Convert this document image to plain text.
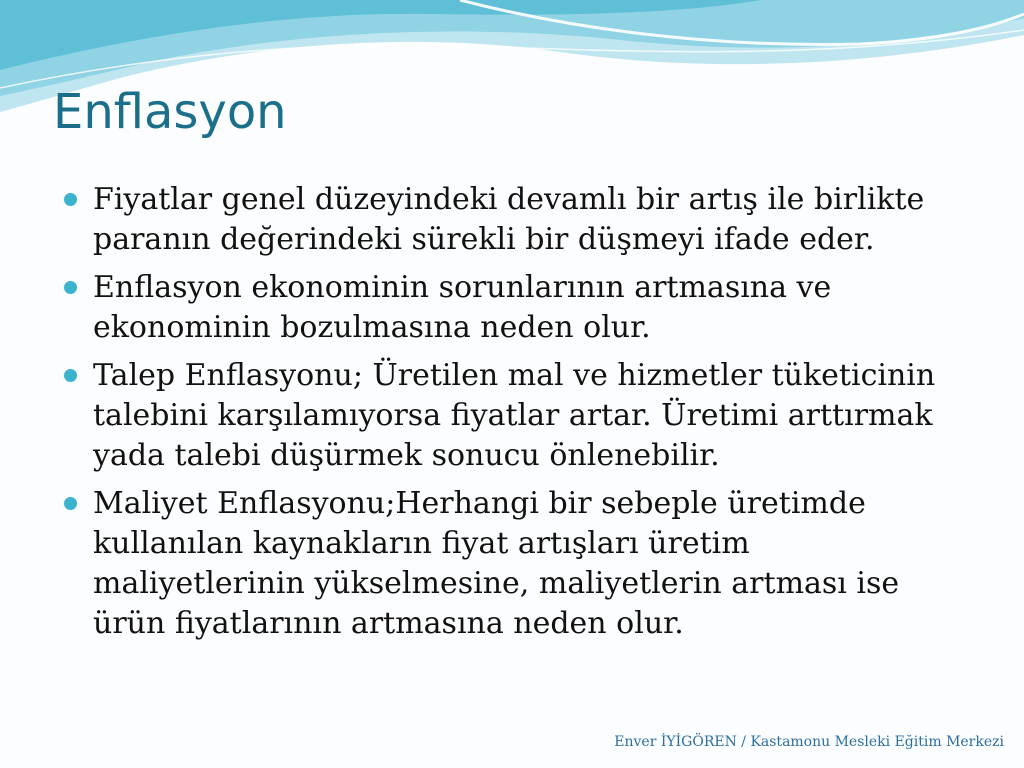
Enflasyon
Fiyatlar genel düzeyindeki devamlı bir artış ile birlikte paranın değerindeki sürekli bir düşmeyi ifade eder.
Enflasyon ekonominin sorunlarının artmasına ve ekonominin bozulmasına neden olur.
Talep Enflasyonu; Üretilen mal ve hizmetler tüketicinin talebini karşılamıyorsa fiyatlar artar. Üretimi arttırmak yada talebi düşürmek sonucu önlenebilir.
Maliyet Enflasyonu;Herhangi bir sebeple üretimde kullanılan kaynakların fiyat artışları üretim maliyetlerinin yükselmesine, maliyetlerin artması ise ürün fiyatlarının artmasına neden olur.
Enver İYİGÖREN / Kastamonu Mesleki Eğitim Merkezi
